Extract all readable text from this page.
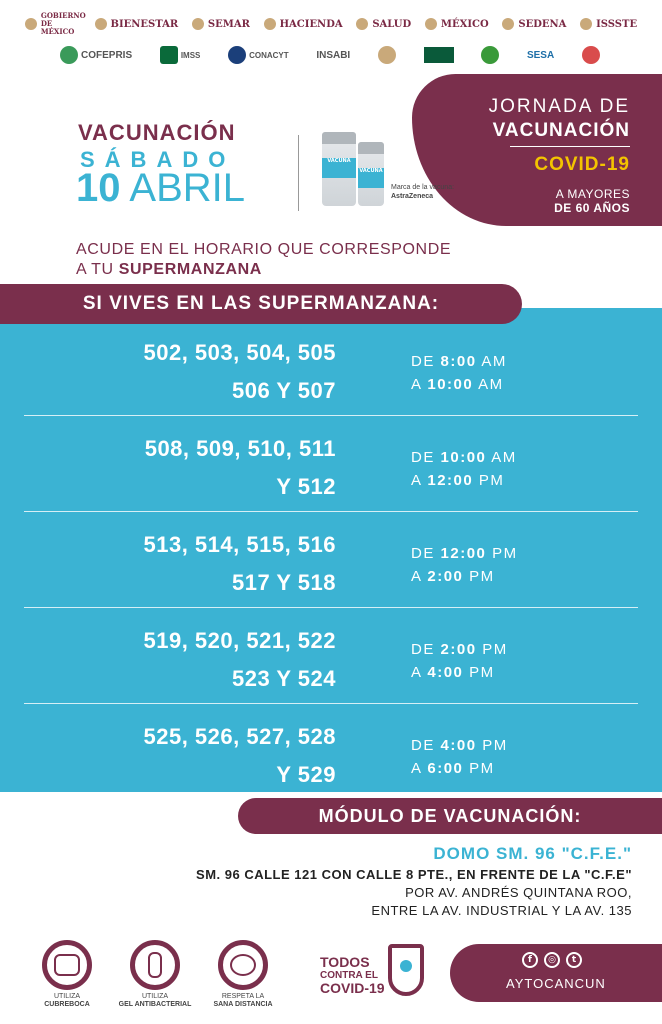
GOBIERNO DE MÉXICO
BIENESTAR	SEMAR	HACIENDA	SALUD	MÉXICO	SEDENA	ISSSTE
COFEPRIS	IMSS	CONACYT	INSABI	SESA
JORNADA DE
VACUNACIÓN
COVID-19
A MAYORES
DE 60 AÑOS
VACUNACIÓN
SÁBADO
10 ABRIL
VACUNA
VACUNA
Marca de la vacuna:
AstraZeneca
ACUDE EN EL HORARIO QUE CORRESPONDE
A TU SUPERMANZANA
SI VIVES EN LAS SUPERMANZANA:
502, 503, 504, 505
506 Y 507
DE 8:00 AM
A 10:00 AM
508, 509, 510, 511
Y 512
DE 10:00 AM
A 12:00 PM
513, 514, 515, 516
517 Y 518
DE 12:00 PM
A 2:00 PM
519, 520, 521, 522
523 Y 524
DE 2:00 PM
A 4:00 PM
525, 526, 527, 528
Y 529
DE 4:00 PM
A 6:00 PM
MÓDULO DE VACUNACIÓN:
DOMO SM. 96 "C.F.E."
SM. 96 CALLE 121 CON CALLE 8 PTE., EN FRENTE DE LA "C.F.E"
POR AV. ANDRÉS QUINTANA ROO,
ENTRE LA AV. INDUSTRIAL Y LA AV. 135
UTILIZA
CUBREBOCA
UTILIZA
GEL ANTIBACTERIAL
RESPETA LA
SANA DISTANCIA
TODOS
CONTRA EL
COVID-19
f	◎	t
AYTOCANCUN
